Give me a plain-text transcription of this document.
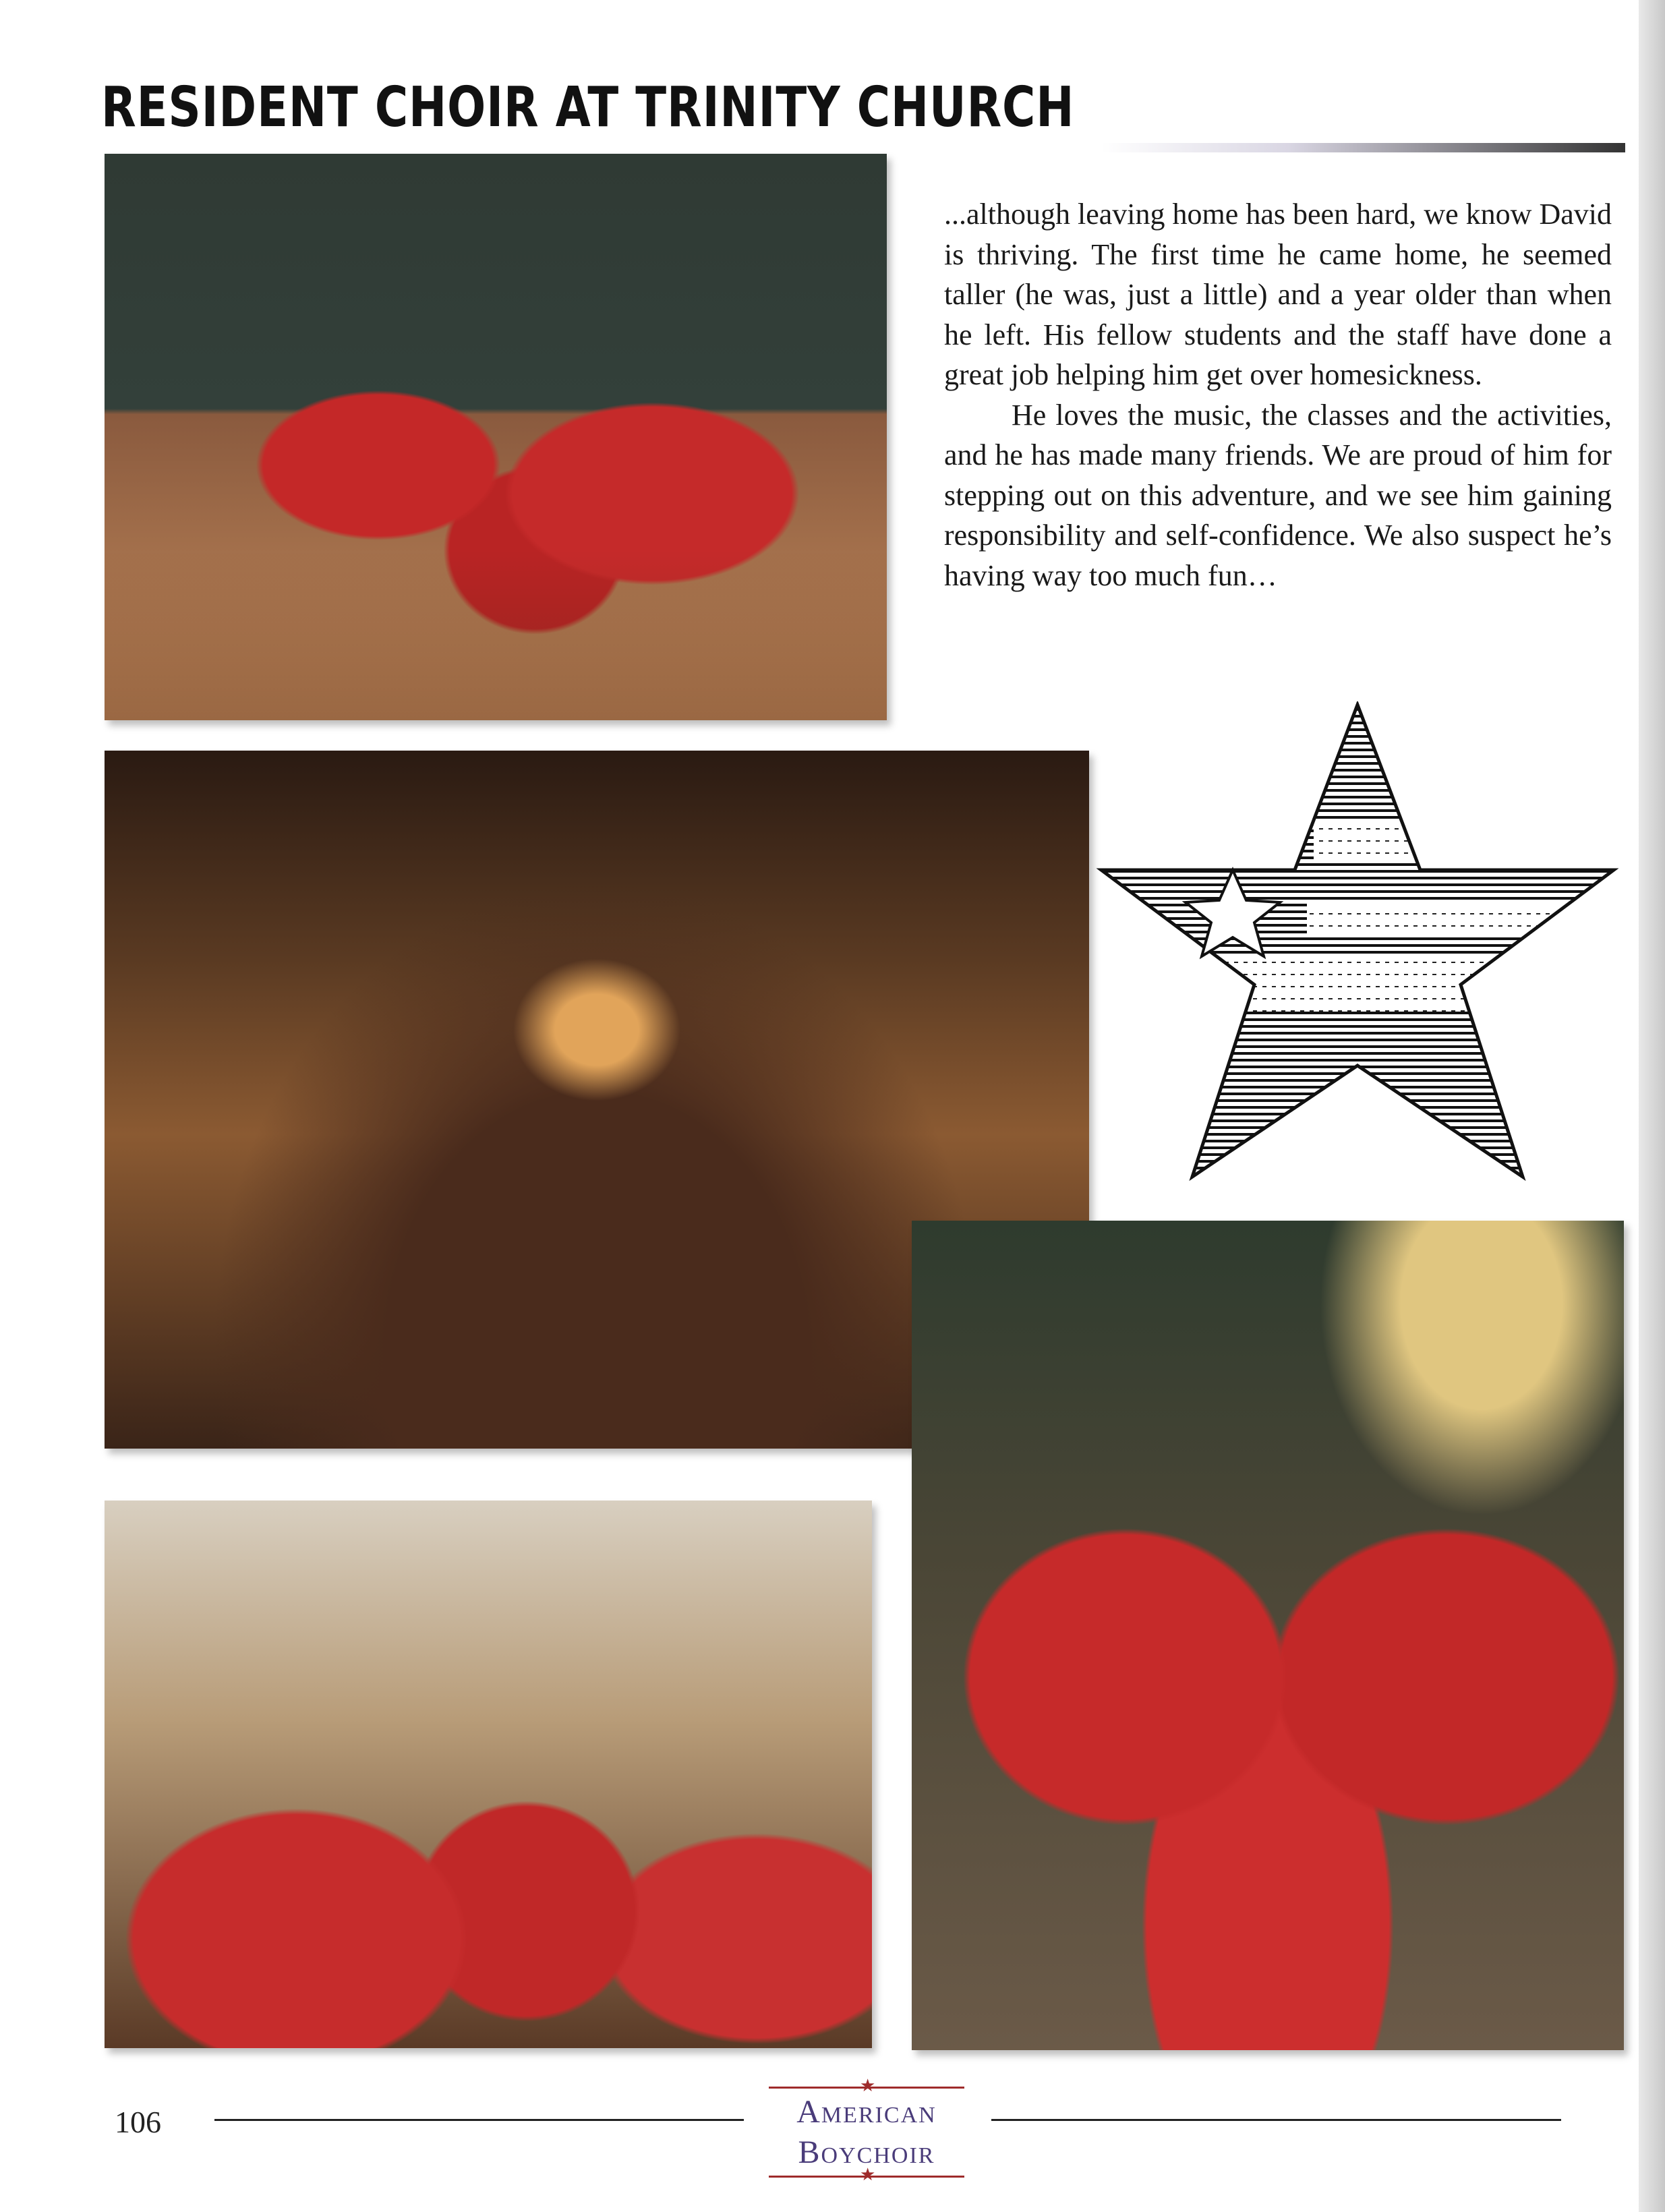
RESIDENT CHOIR AT TRINITY CHURCH

...although leaving home has been hard, we know David is thriving. The first time he came home, he seemed taller (he was, just a little) and a year older than when he left. His fellow students and the staff have done a great job helping him get over homesickness.

He loves the music, the classes and the activities, and he has made many friends. We are proud of him for stepping out on this adventure, and we see him gaining responsibility and self-confidence. We also suspect he’s having way too much fun…

106
★
American
Boychoir
★
